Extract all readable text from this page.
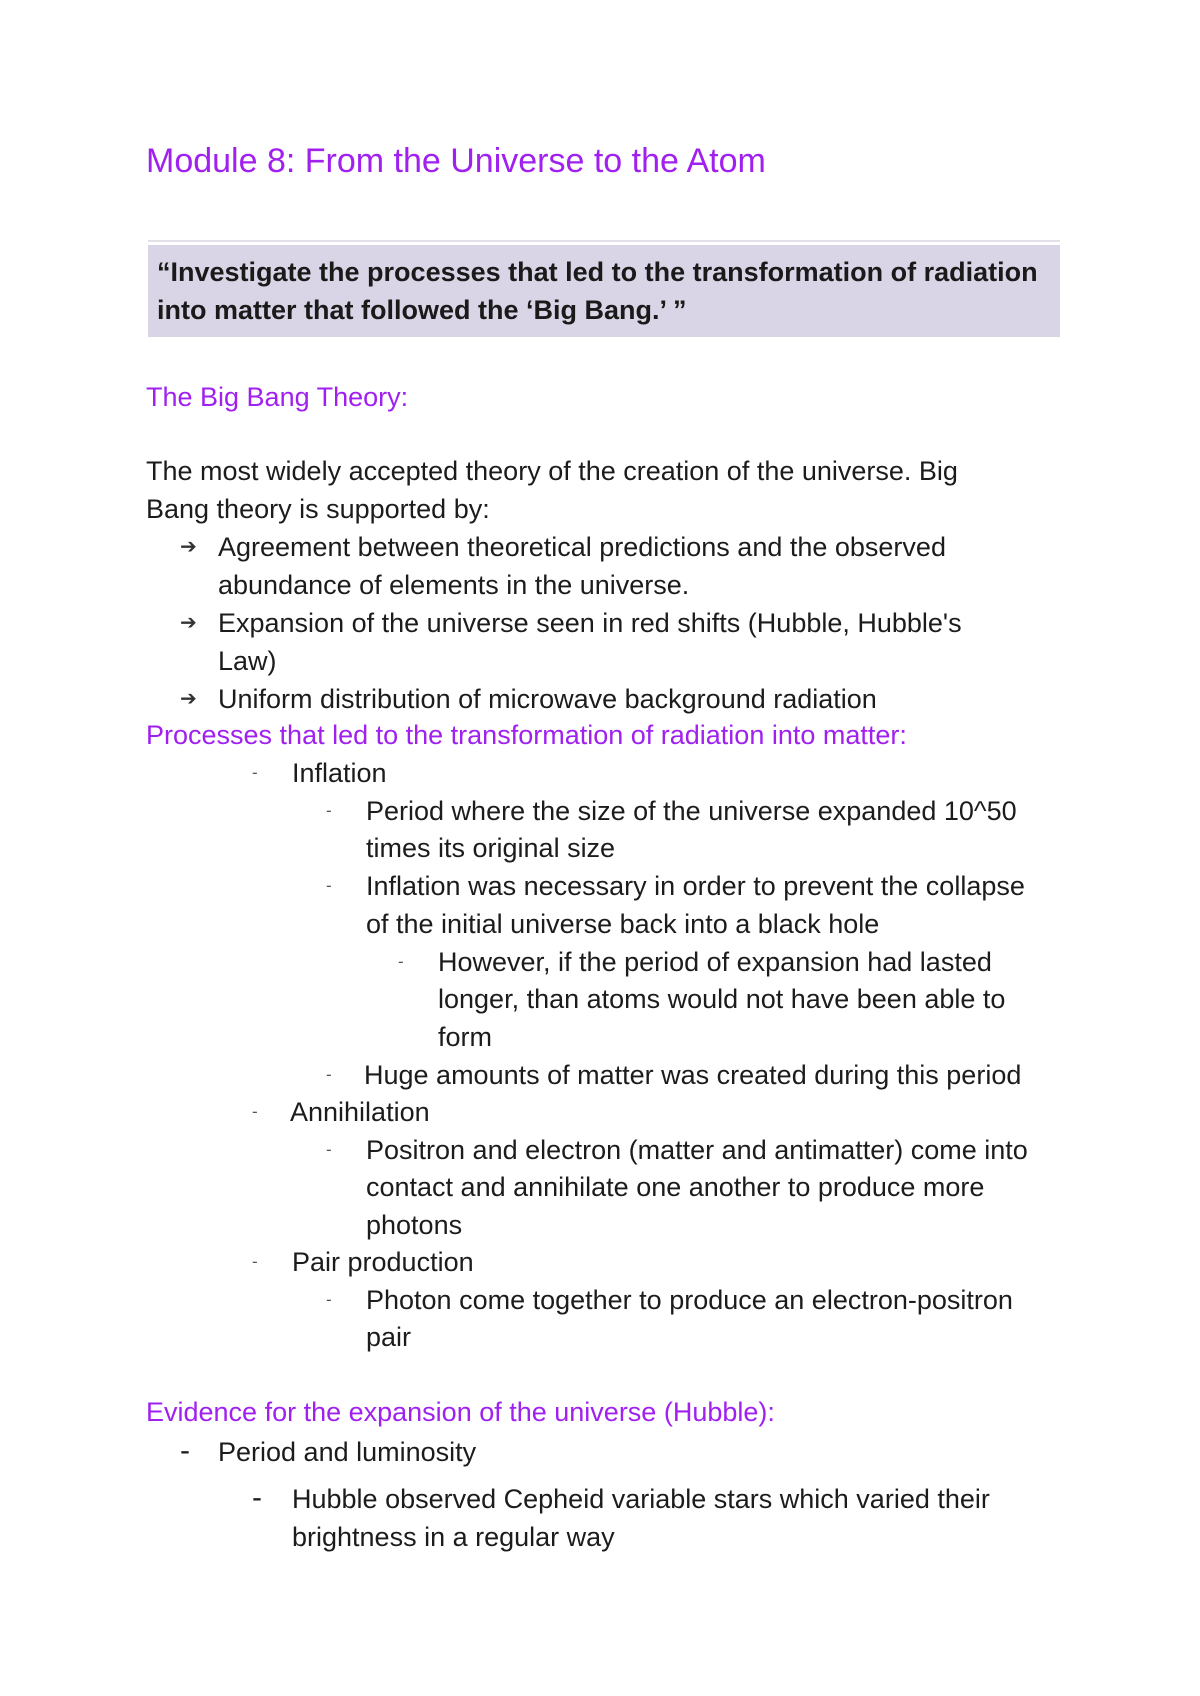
Module 8: From the Universe to the Atom
“Investigate the processes that led to the transformation of radiation into matter that followed the ‘Big Bang.’ ”
The Big Bang Theory:
The most widely accepted theory of the creation of the universe. Big
Bang theory is supported by:
➔ Agreement between theoretical predictions and the observed
abundance of elements in the universe.
➔ Expansion of the universe seen in red shifts (Hubble, Hubble's
Law)
➔ Uniform distribution of microwave background radiation
Processes that led to the transformation of radiation into matter:
- Inflation
- Period where the size of the universe expanded 10^50
times its original size
- Inflation was necessary in order to prevent the collapse
of the initial universe back into a black hole
- However, if the period of expansion had lasted
longer, than atoms would not have been able to
form
- Huge amounts of matter was created during this period
- Annihilation
- Positron and electron (matter and antimatter) come into
contact and annihilate one another to produce more
photons
- Pair production
- Photon come together to produce an electron-positron
pair
Evidence for the expansion of the universe (Hubble):
- Period and luminosity
- Hubble observed Cepheid variable stars which varied their
brightness in a regular way
